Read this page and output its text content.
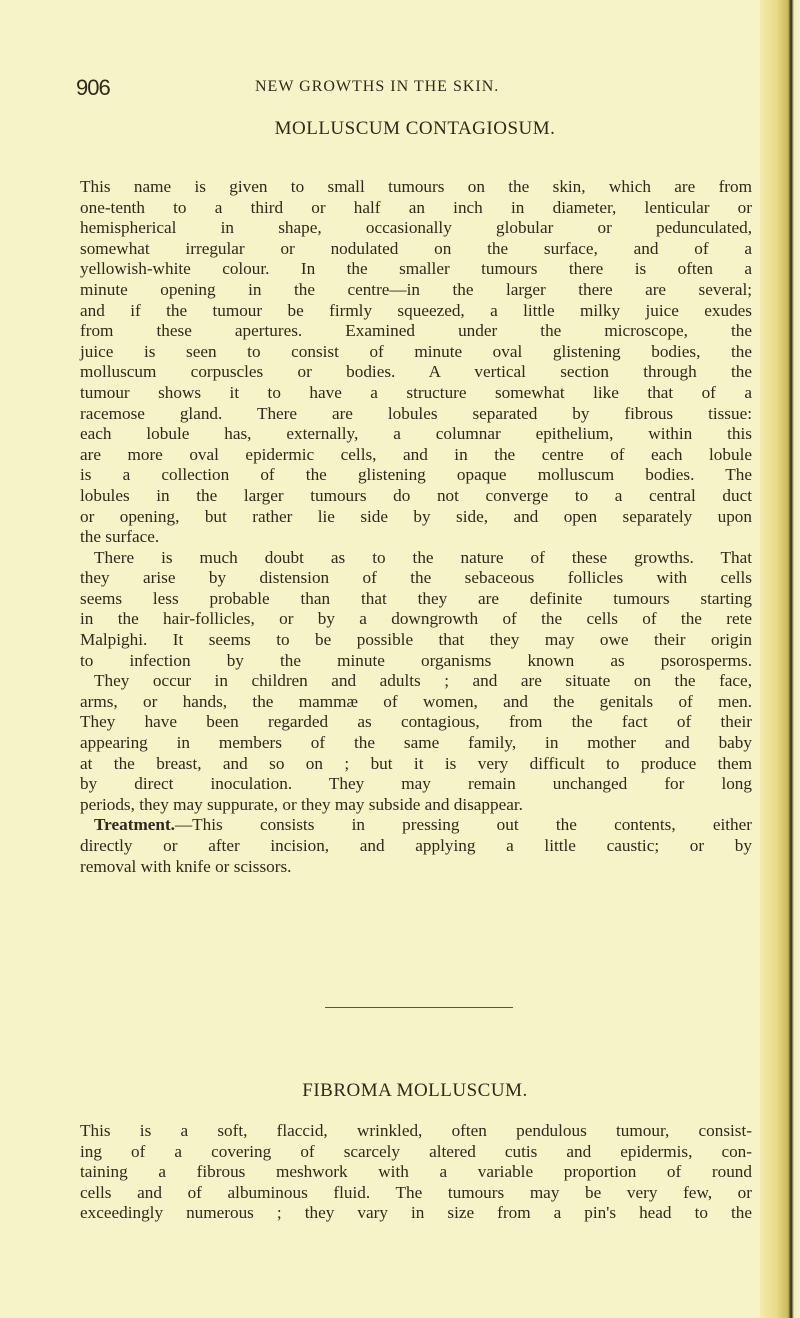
906	NEW GROWTHS IN THE SKIN.
MOLLUSCUM CONTAGIOSUM.
This name is given to small tumours on the skin, which are from
one-tenth to a third or half an inch in diameter, lenticular or
hemispherical in shape, occasionally globular or pedunculated,
somewhat irregular or nodulated on the surface, and of a
yellowish-white colour. In the smaller tumours there is often a
minute opening in the centre—in the larger there are several;
and if the tumour be firmly squeezed, a little milky juice exudes
from these apertures. Examined under the microscope, the
juice is seen to consist of minute oval glistening bodies, the
molluscum corpuscles or bodies. A vertical section through the
tumour shows it to have a structure somewhat like that of a
racemose gland. There are lobules separated by fibrous tissue:
each lobule has, externally, a columnar epithelium, within this
are more oval epidermic cells, and in the centre of each lobule
is a collection of the glistening opaque molluscum bodies. The
lobules in the larger tumours do not converge to a central duct
or opening, but rather lie side by side, and open separately upon
the surface.
There is much doubt as to the nature of these growths. That
they arise by distension of the sebaceous follicles with cells
seems less probable than that they are definite tumours starting
in the hair-follicles, or by a downgrowth of the cells of the rete
Malpighi. It seems to be possible that they may owe their origin
to infection by the minute organisms known as psorosperms.
They occur in children and adults ; and are situate on the face,
arms, or hands, the mammæ of women, and the genitals of men.
They have been regarded as contagious, from the fact of their
appearing in members of the same family, in mother and baby
at the breast, and so on ; but it is very difficult to produce them
by direct inoculation. They may remain unchanged for long
periods, they may suppurate, or they may subside and disappear.
Treatment.—This consists in pressing out the contents, either
directly or after incision, and applying a little caustic; or by
removal with knife or scissors.
FIBROMA MOLLUSCUM.
This is a soft, flaccid, wrinkled, often pendulous tumour, consist-
ing of a covering of scarcely altered cutis and epidermis, con-
taining a fibrous meshwork with a variable proportion of round
cells and of albuminous fluid. The tumours may be very few, or
exceedingly numerous ; they vary in size from a pin's head to the
